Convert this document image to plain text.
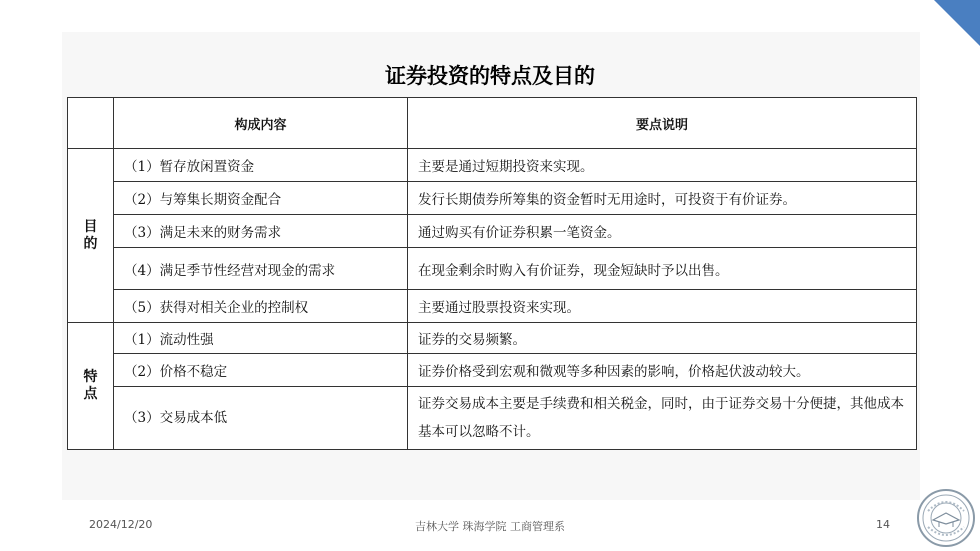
证券投资的特点及目的
	构成内容	要点说明
目
的	（1）暂存放闲置资金	主要是通过短期投资来实现。
	（2）与筹集长期资金配合	发行长期债券所筹集的资金暂时无用途时，可投资于有价证券。
	（3）满足未来的财务需求	通过购买有价证券积累一笔资金。
	（4）满足季节性经营对现金的需求	在现金剩余时购入有价证券，现金短缺时予以出售。
	（5）获得对相关企业的控制权	主要通过股票投资来实现。
特
点	（1）流动性强	证券的交易频繁。
	（2）价格不稳定	证券价格受到宏观和微观等多种因素的影响，价格起伏波动较大。
	（3）交易成本低	证券交易成本主要是手续费和相关税金，同时，由于证券交易十分便捷，其他成本基本可以忽略不计。
2024/12/20	吉林大学 珠海学院 工商管理系	14
